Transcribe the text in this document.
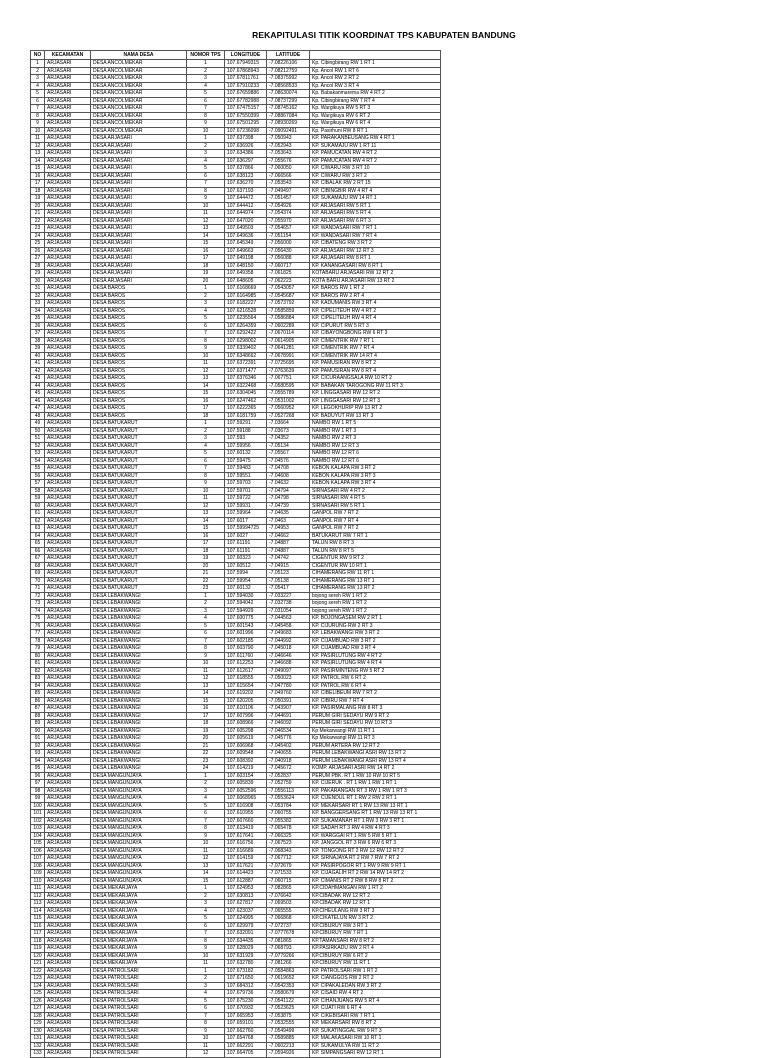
REKAPITULASI TITIK KOORDINAT TPS KABUPATEN BANDUNG
NO	KECAMATAN	NAMA DESA	NOMOR TPS	LONGITUDE	LATITUDE	
1	ARJASARI	DESA ANCOLMEKAR	1	107.67949315	-7.08226106	Kp. Cibingbirang RW 1 RT 1
2	ARJASARI	DESA ANCOLMEKAR	2	107.67868943	-7.08212759	Kp. Ancol RW 1 RT 6
3	ARJASARI	DESA ANCOLMEKAR	3	107.67811761	-7.08375992	Kp. Ancol RW 2 RT 2
4	ARJASARI	DESA ANCOLMEKAR	4	107.67910233	-7.08568533	Kp. Ancol RW 3 RT 4
5	ARJASARI	DESA ANCOLMEKAR	5	107.67659886	-7.08630074	Kp. Babakanmarema RW 4 RT 2
6	ARJASARI	DESA ANCOLMEKAR	6	107.67782988	-7.08737299	Kp. Cibingbirang RW 7 RT 4
7	ARJASARI	DESA ANCOLMEKAR	7	107.67475157	-7.08745162	Kp. Wargikuya RW 5 RT 3
8	ARJASARI	DESA ANCOLMEKAR	8	107.67550399	-7.08867084	Kp. Wargikuya RW 6 RT 2
9	ARJASARI	DESA ANCOLMEKAR	9	107.67501295	-7.08930269	Kp. Wargikuya RW 6 RT 4
10	ARJASARI	DESA ANCOLMEKAR	10	107.67236098	-7.09092491	Kp. Pasirhuni RW 8 RT 1
11	ARJASARI	DESA ARJASARI	1	107.637398	-7.050943	KP. PARAKANBEUSANG RW 4 RT 1
12	ARJASARI	DESA ARJASARI	2	107.636926	-7.052943	KP. SUKAMAJU RW 1 RT 11
13	ARJASARI	DESA ARJASARI	3	107.634386	-7.053643	KP. PAMUCATAN RW 4 RT 2
14	ARJASARI	DESA ARJASARI	4	107.636297	-7.055676	KP. PAMUCATAN RW 4 RT 2
15	ARJASARI	DESA ARJASARI	5	107.637866	-7.060050	KP. CIWARU RW 3 RT 10
16	ARJASARI	DESA ARJASARI	6	107.638123	-7.066566	KP. CIWARU RW 3 RT 2
17	ARJASARI	DESA ARJASARI	7	107.636270	-7.053543	KP. CIBALAK RW 2 RT 15
18	ARJASARI	DESA ARJASARI	8	107.637193	-7.049497	KP. CIBINGBIR RW 4 RT 4
19	ARJASARI	DESA ARJASARI	9	107.644472	-7.051457	KP. SUKAMAJU RW 14 RT 1
20	ARJASARI	DESA ARJASARI	10	107.644412	-7.054926	KP. ARJASARI RW 5 RT 1
21	ARJASARI	DESA ARJASARI	11	107.644974	-7.054374	KP. ARJASARI RW 5 RT 4
22	ARJASARI	DESA ARJASARI	12	107.647020	-7.055970	KP. ARJASARI RW 6 RT 3
23	ARJASARI	DESA ARJASARI	13	107.649503	-7.054657	KP. WANDASARI RW 7 RT 1
24	ARJASARI	DESA ARJASARI	14	107.649636	-7.051154	KP. WANDASARI RW 7 RT 4
25	ARJASARI	DESA ARJASARI	15	107.645349	-7.056000	KP. CIBATENG RW 3 RT 2
26	ARJASARI	DESA ARJASARI	16	107.649663	-7.056430	KP. ARJASARI RW 12 RT 3
27	ARJASARI	DESA ARJASARI	17	107.649198	-7.056088	KP. ARJASARI RW 8 RT 1
28	ARJASARI	DESA ARJASARI	18	107.648150	-7.060717	KP. KANANGASARI RW 8 RT 1
29	ARJASARI	DESA ARJASARI	19	107.649358	-7.061825	KOTABARU ARJASARI RW 12 RT 2
30	ARJASARI	DESA ARJASARI	20	107.648605	-7.062223	KOTA BARU ARJASARI RW 13 RT 2
31	ARJASARI	DESA BAROS	1	107.6168669	-7.0543057	KP. BAROS RW 1 RT 2
32	ARJASARI	DESA BAROS	2	107.6164985	-7.0545687	KP. BAROS RW 2 RT 4
33	ARJASARI	DESA BAROS	3	107.6182227	-7.0573792	KP. KADUMANIS RW 3 RT 4
34	ARJASARI	DESA BAROS	4	107.6216528	-7.0585859	KP. CIPELITEUH RW 4 RT 2
35	ARJASARI	DESA BAROS	5	107.6235564	-7.0586884	KP. CIPELITEUH RW 4 RT 4
36	ARJASARI	DESA BAROS	6	107.6264359	-7.0602289	KP. CIPURUT RW 5 RT 3
37	ARJASARI	DESA BAROS	7	107.6292422	-7.0670114	KP. CIBAYONGBONG RW 6 RT 3
38	ARJASARI	DESA BAROS	8	107.6298002	-7.0614905	KP. CIMENTRIK RW 7 RT 1
39	ARJASARI	DESA BAROS	9	107.6339402	-7.0641281	KP. CIMENTRIK RW 7 RT 4
40	ARJASARI	DESA BAROS	10	107.6348662	-7.0678991	KP. CIMENTRIK RW 14 RT 4
41	ARJASARI	DESA BAROS	11	107.6372391	-7.0725695	KP. PAMUSIRAN RW 8 RT 2
42	ARJASARI	DESA BAROS	12	107.6371477	-7.0763639	KP. PAMUSIRAN RW 8 RT 4
43	ARJASARI	DESA BAROS	13	107.6376346	-7.067751	KP. CICURAANGSALA RW 10 RT 2
44	ARJASARI	DESA BAROS	14	107.6322468	-7.0580595	KP. BABAKAN TAROGONG RW 11 RT 3
45	ARJASARI	DESA BAROS	15	107.6304045	-7.0555789	KP. LINGGASARI RW 12 RT 2
46	ARJASARI	DESA BAROS	16	107.6247462	-7.0531002	KP. LINGGASARI RW 12 RT 3
47	ARJASARI	DESA BAROS	17	107.6222365	-7.0560952	KP. LEGOKHURIP RW 13 RT 2
48	ARJASARI	DESA BAROS	18	107.6181759	-7.0527268	KP. BADUYUT RW 13 RT 3
49	ARJASARI	DESA BATUKARUT	1	107.59291	-7.03664	NAMBO RW 1 RT 5
50	ARJASARI	DESA BATUKARUT	2	107.59188	-7.03673	NAMBO RW 1 RT 3
51	ARJASARI	DESA BATUKARUT	3	107.593	-7.04352	NAMBO RW 2 RT 3
52	ARJASARI	DESA BATUKARUT	4	107.59956	-7.05134	NAMBO RW 12 RT 3
53	ARJASARI	DESA BATUKARUT	5	107.60132	-7.05567	NAMBO RW 12 RT 6
54	ARJASARI	DESA BATUKARUT	6	107.59475	-7.04576	NAMBO RW 12 RT 6
55	ARJASARI	DESA BATUKARUT	7	107.59483	-7.04708	KEBON KALAPA RW 3 RT 2
56	ARJASARI	DESA BATUKARUT	8	107.59551	-7.04608	KEBON KALAPA RW 3 RT 3
57	ARJASARI	DESA BATUKARUT	9	107.59703	-7.04632	KEBON KALAPA RW 3 RT 4
58	ARJASARI	DESA BATUKARUT	10	107.59701	-7.04794	SIRNASARI RW 4 RT 2
59	ARJASARI	DESA BATUKARUT	11	107.59722	-7.04798	SIRNASARI RW 4 RT 5
60	ARJASARI	DESA BATUKARUT	12	107.59931	-7.04739	SIRNASARI RW 5 RT 1
61	ARJASARI	DESA BATUKARUT	13	107.59964	-7.04635	GANPOL RW 7 RT 2
62	ARJASARI	DESA BATUKARUT	14	107.6017	-7.0463	GANPOL RW 7 RT 4
63	ARJASARI	DESA BATUKARUT	15	107.59994725	-7.04953	GANPOL RW 7 RT 2
64	ARJASARI	DESA BATUKARUT	16	107.6027	-7.04662	BATUKARUT RW 7 RT 1
65	ARJASARI	DESA BATUKARUT	17	107.61191	-7.04887	TALUN RW 8 RT 3
66	ARJASARI	DESA BATUKARUT	18	107.61191	-7.04887	TALUN RW 8 RT 5
67	ARJASARI	DESA BATUKARUT	19	107.60323	-7.04742	CIGENTUR RW 9 RT 2
68	ARJASARI	DESA BATUKARUT	20	107.60512	-7.04915	CIGENTUR RW 10 RT 1
69	ARJASARI	DESA BATUKARUT	21	107.5994	-7.05123	CIHAMERANG RW 11 RT 1
70	ARJASARI	DESA BATUKARUT	22	107.59954	-7.05138	CIHAMERANG RW 13 RT 1
71	ARJASARI	DESA BATUKARUT	23	107.60132	-7.05417	CIHAMERANG RW 13 RT 2
72	ARJASARI	DESA LEBAKWANGI	1	107.594030	-7.033227	bojong sereh RW 1 RT 2
73	ARJASARI	DESA LEBAKWANGI	2	107.594042	-7.032738	bojong sereh RW 1 RT 2
74	ARJASARI	DESA LEBAKWANGI	3	107.594929	-7.031054	bojong sereh RW 1 RT 2
75	ARJASARI	DESA LEBAKWANGI	4	107.600775	-7.044563	KP. BOJONGASEM RW 2 RT 1
76	ARJASARI	DESA LEBAKWANGI	5	107.601543	-7.045458	KP. CIJURUNG RW 2 RT 3
77	ARJASARI	DESA LEBAKWANGI	6	107.601996	-7.049683	KP. LEBAKWANGI RW 3 RT 2
78	ARJASARI	DESA LEBAKWANGI	7	107.602185	-7.044992	KP. CIJAMBUAD RW 3 RT 2
79	ARJASARI	DESA LEBAKWANGI	8	107.603790	-7.045018	KP. CIJAMBUAD RW 3 RT 4
80	ARJASARI	DESA LEBAKWANGI	9	107.611760	-7.046646	KP. PASIRLUTUNG RW 4 RT 2
81	ARJASARI	DESA LEBAKWANGI	10	107.612253	-7.046688	KP. PASIRLUTUNG RW 4 RT 4
82	ARJASARI	DESA LEBAKWANGI	11	107.612617	-7.049097	KP. PASIRMINTENG RW 5 RT 2
83	ARJASARI	DESA LEBAKWANGI	12	107.618555	-7.050023	KP. PATROL RW 6 RT 2
84	ARJASARI	DESA LEBAKWANGI	13	107.615654	-7.047780	KP. PATROL RW 6 RT 4
85	ARJASARI	DESA LEBAKWANGI	14	107.619202	-7.049760	KP. CIBELIBEUM RW 7 RT 2
86	ARJASARI	DESA LEBAKWANGI	15	107.620205	-7.050391	KP. CIBIRU RW 7 RT 4
87	ARJASARI	DESA LEBAKWANGI	16	107.610106	-7.043907	KP. PASIRMALANG RW 8 RT 3
88	ARJASARI	DESA LEBAKWANGI	17	107.607996	-7.044691	PERUM GIRI SEDAYU RW 9 RT 2
89	ARJASARI	DESA LEBAKWANGI	18	107.608966	-7.046092	PERUM GIRI SEDAYU RW 10 RT 3
90	ARJASARI	DESA LEBAKWANGI	19	107.605298	-7.046534	Kp Mekarwangi RW 11 RT 1
91	ARJASARI	DESA LEBAKWANGI	20	107.605619	-7.045776	Kp Mekarwangi RW 11 RT 3
92	ARJASARI	DESA LEBAKWANGI	21	107.606968	-7.045402	PERUM ARTERA RW 12 RT 2
93	ARJASARI	DESA LEBAKWANGI	22	107.609548	-7.040655	PERUM LEBAKWANGI ASRI RW 13 RT 2
94	ARJASARI	DESA LEBAKWANGI	23	107.608392	-7.040918	PERUM LEBAKWANGI ASRI RW 13 RT 4
95	ARJASARI	DESA LEBAKWANGI	24	107.614219	-7.045672	KOMP. ARJASARI ASRI RW 14 RT 2
96	ARJASARI	DESA MANGUNJAYA	1	107.603154	-7.052837	PERUM PBK. RT 1 RW 10 RW 10 RT 5
97	ARJASARI	DESA MANGUNJAYA	2	107.605839	-7.052759	KP. CIJERUK . RT 1 RW 1 RW 1 RT 1
98	ARJASARI	DESA MANGUNJAYA	3	107.6052596	-7.0556113	KP. PAKARANGAN RT 3 RW 1 RW 1 RT 3
99	ARJASARI	DESA MANGUNJAYA	4	107.6068965	-7.0553624	KP. CIJENDUL RT 1 RW 2 RW 2 RT 1
100	ARJASARI	DESA MANGUNJAYA	5	107.616908	-7.053784	KP. MEKARSARI RT 1 RW 13 RW 13 RT 1
101	ARJASARI	DESA MANGUNJAYA	6	107.610955	-7.060755	KP. BANGGERSANG RT 1 RW 13 RW 13 RT 1
102	ARJASARI	DESA MANGUNJAYA	7	107.607660	-7.055382	KP. SUKAMANAH RT 1 RW 3 RW 3 RT 1
103	ARJASARI	DESA MANGUNJAYA	8	107.613419	-7.065478	KP. SADAH RT 3 RW 4 RW 4 RT 3
104	ARJASARI	DESA MANGUNJAYA	9	107.617641	-7.066325	KP. WARGGAI RT 1 RW 5 RW 5 RT 1
105	ARJASARI	DESA MANGUNJAYA	10	107.616756	-7.067523	KP. JANGGOL RT 3 RW 6 RW 6 RT 3
106	ARJASARI	DESA MANGUNJAYA	11	107.616689	-7.068343	KP. TONGONG RT 2 RW 12 RW 12 RT 2
107	ARJASARI	DESA MANGUNJAYA	12	107.614159	-7.067712	KP. SIRNAJAYA RT 2 RW 7 RW 7 RT 2
108	ARJASARI	DESA MANGUNJAYA	13	107.617621	-7.072679	KP. PASIRPOGOR RT 1 RW 9 RW 9 RT 1
109	ARJASARI	DESA MANGUNJAYA	14	107.614423	-7.071533	KP. CIJAGALIH RT 2 RW 14 RW 14 RT 2
110	ARJASARI	DESA MANGUNJAYA	15	107.612887	-7.060715	KP. CIMANIS RT 2 RW 8 RW 8 RT 2
111	ARJASARI	DESA MEKARJAYA	1	107.624953	-7.082865	KP.CIDAHMANGAN RW 1 RT 2
112	ARJASARI	DESA MEKARJAYA	2	107.630813	-7.076642	KP.CIBADAK RW 12 RT 2
113	ARJASARI	DESA MEKARJAYA	3	107.627817	-7.069503	KP.CIBADAK RW 12 RT 1
114	ARJASARI	DESA MEKARJAYA	4	107.623037	-7.065555	KP.CIHEULANG RW 3 RT 3
115	ARJASARI	DESA MEKARJAYA	5	107.624995	-7.066868	KP.CIKATELUN RW 3 RT 2
116	ARJASARI	DESA MEKARJAYA	6	107.629979	-7.072737	KP.CIBURUY RW 3 RT 1
117	ARJASARI	DESA MEKARJAYA	7	107.632091	-7.0777678	KP.CIBURUY RW 7 RT 1
118	ARJASARI	DESA MEKARJAYA	8	107.634435	-7.081865	KP.TAMANSARI RW 8 RT 2
119	ARJASARI	DESA MEKARJAYA	9	107.628029	-7.068793	KP.PASIRKADU RW 2 RT 4
120	ARJASARI	DESA MEKARJAYA	10	107.631929	-7.0779266	KP.CIBURUY RW 6 RT 2
121	ARJASARI	DESA MEKARJAYA	11	107.632780	-7.081266	KP.CIBURUY RW 11 RT 1
122	ARJASARI	DESA PATROLSARI	1	107.673182	-7.0584863	KP. PATROLSARI RW 1 RT 2
123	ARJASARI	DESA PATROLSARI	2	107.671650	-7.0619652	KP. CIANGGOS RW 2 RT 2
124	ARJASARI	DESA PATROLSARI	3	107.684312	-7.0542353	KP. CIPAKALEDAN RW 3 RT 2
125	ARJASARI	DESA PATROLSARI	4	107.679736	-7.0580679	KP. CISAID RW 4 RT 2
126	ARJASARI	DESA PATROLSARI	5	107.675230	-7.0541122	KP. CIHANJUANG RW 5 RT 4
127	ARJASARI	DESA PATROLSARI	6	107.670932	-7.0523625	KP. CIJATI RW 6 RT 4
128	ARJASARI	DESA PATROLSARI	7	107.665953	-7.053875	KP. CIKEBISARI RW 7 RT 1
129	ARJASARI	DESA PATROLSARI	8	107.659101	-7.0532555	KP. MEKARSARI RW 8 RT 2
130	ARJASARI	DESA PATROLSARI	9	107.662760	-7.0549499	KP. SUKATINGGAL RW 9 RT 3
131	ARJASARI	DESA PATROLSARI	10	107.654768	-7.0589885	KP. MALAKASARI RW 10 RT 1
132	ARJASARI	DESA PATROLSARI	11	107.662291	-7.0602213	KP. SUKAMULYA RW 11 RT 2
133	ARJASARI	DESA PATROLSARI	12	107.664705	-7.0594926	KP. SIMPANGSARI RW 12 RT 1
